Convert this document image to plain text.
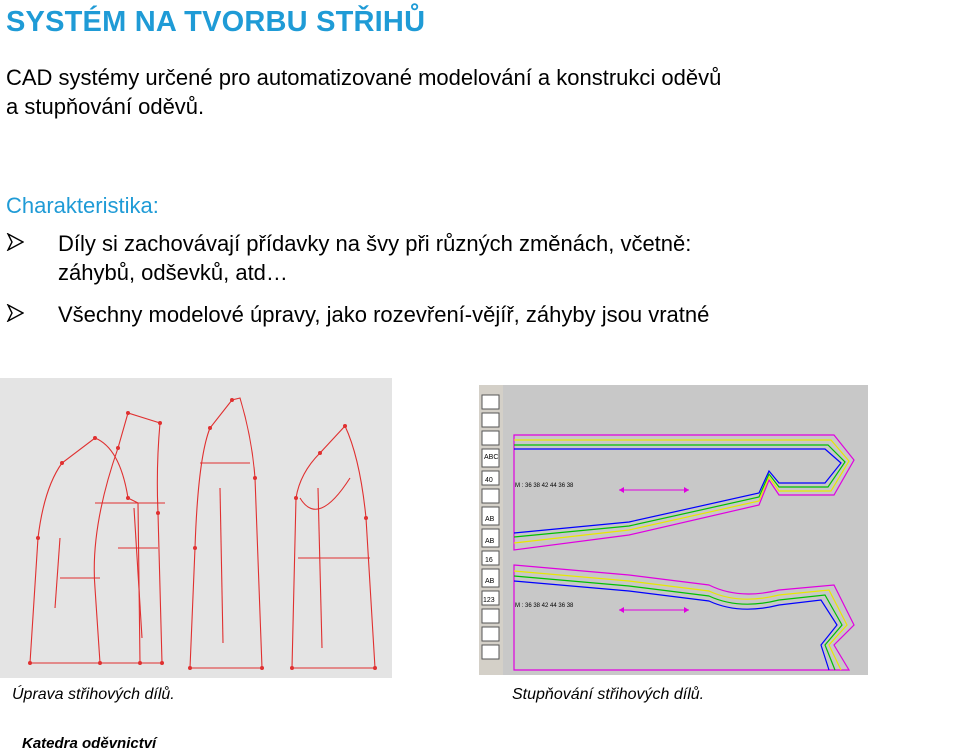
SYSTÉM NA TVORBU STŘIHŮ
CAD systémy určené pro automatizované modelování a konstrukci oděvů
a stupňování oděvů.
Charakteristika:
Díly si zachovávají přídavky na švy při různých změnách, včetně:
záhybů, odševků, atd…
Všechny modelové úpravy, jako rozevření-vějíř, záhyby jsou vratné
ABC
40
AB
AB
16
AB
123
M : 36 38 42 44 36 38
M : 36 38 42 44 36 38
Úprava střihových dílů.	Stupňování střihových dílů.
Katedra oděvnictví
